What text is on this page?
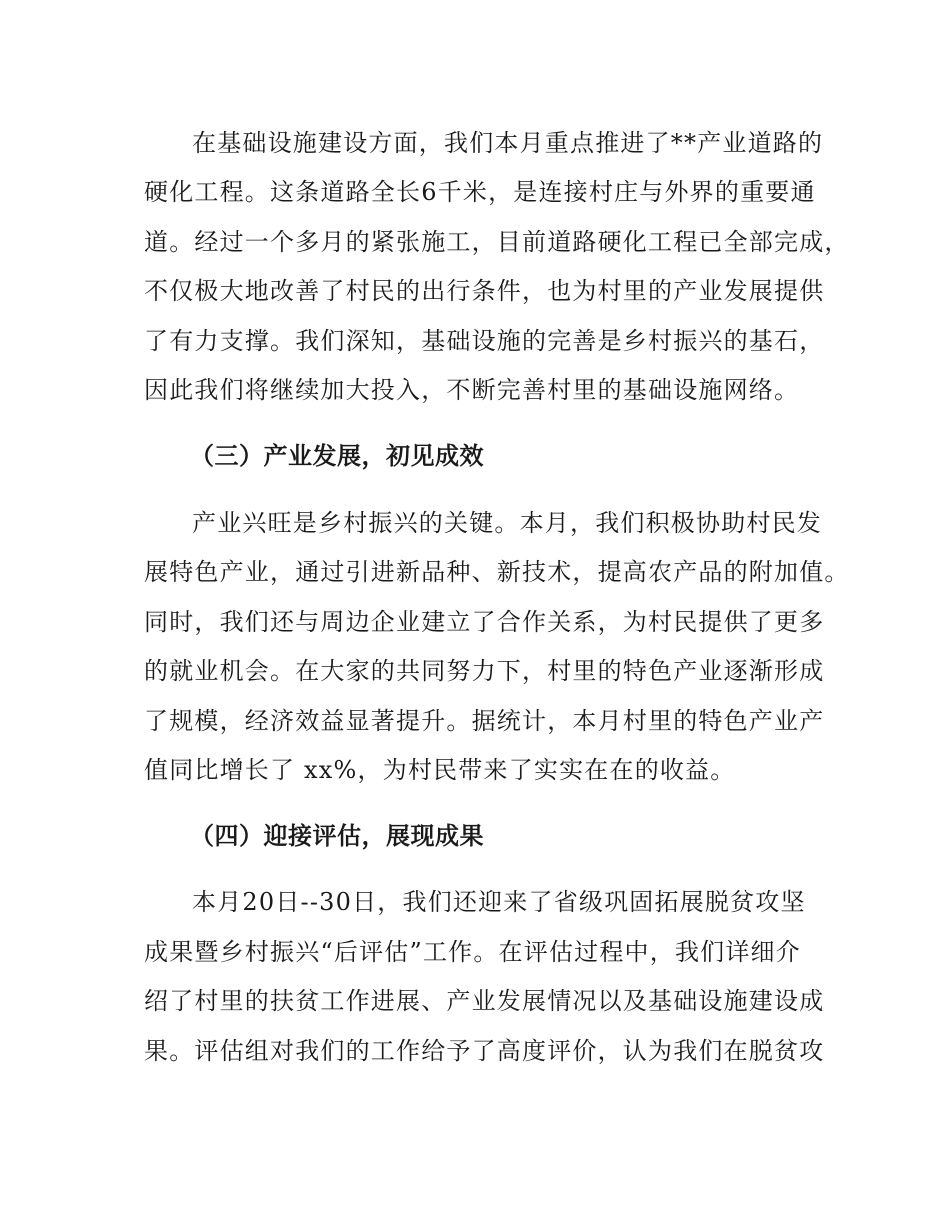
在基础设施建设方面，我们本月重点推进了**产业道路的
硬化工程。这条道路全长6千米，是连接村庄与外界的重要通
道。经过一个多月的紧张施工，目前道路硬化工程已全部完成，
不仅极大地改善了村民的出行条件，也为村里的产业发展提供
了有力支撑。我们深知，基础设施的完善是乡村振兴的基石，
因此我们将继续加大投入，不断完善村里的基础设施网络。
（三）产业发展，初见成效
产业兴旺是乡村振兴的关键。本月，我们积极协助村民发
展特色产业，通过引进新品种、新技术，提高农产品的附加值。
同时，我们还与周边企业建立了合作关系，为村民提供了更多
的就业机会。在大家的共同努力下，村里的特色产业逐渐形成
了规模，经济效益显著提升。据统计，本月村里的特色产业产
值同比增长了 xx%，为村民带来了实实在在的收益。
（四）迎接评估，展现成果
本月20日--30日，我们还迎来了省级巩固拓展脱贫攻坚
成果暨乡村振兴“后评估”工作。在评估过程中，我们详细介
绍了村里的扶贫工作进展、产业发展情况以及基础设施建设成
果。评估组对我们的工作给予了高度评价，认为我们在脱贫攻
